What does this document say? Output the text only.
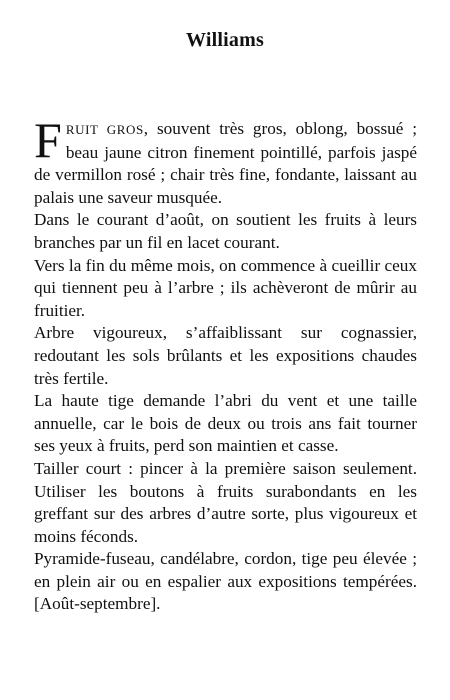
Williams

FRUIT GROS, souvent très gros, oblong, bossué ; beau jaune citron finement pointillé, parfois jaspé de vermillon rosé ; chair très fine, fondante, laissant au palais une saveur musquée.

Dans le courant d’août, on soutient les fruits à leurs branches par un fil en lacet courant.

Vers la fin du même mois, on commence à cueillir ceux qui tiennent peu à l’arbre ; ils achèveront de mûrir au fruitier.

Arbre vigoureux, s’affaiblissant sur cognassier, redoutant les sols brûlants et les expositions chaudes très fertile.

La haute tige demande l’abri du vent et une taille annuelle, car le bois de deux ou trois ans fait tourner ses yeux à fruits, perd son maintien et casse.

Tailler court : pincer à la première saison seulement. Utiliser les boutons à fruits surabondants en les greffant sur des arbres d’autre sorte, plus vigoureux et moins féconds.

Pyramide-fuseau, candélabre, cordon, tige peu élevée ; en plein air ou en espalier aux expositions tempérées. [Août-septembre].
